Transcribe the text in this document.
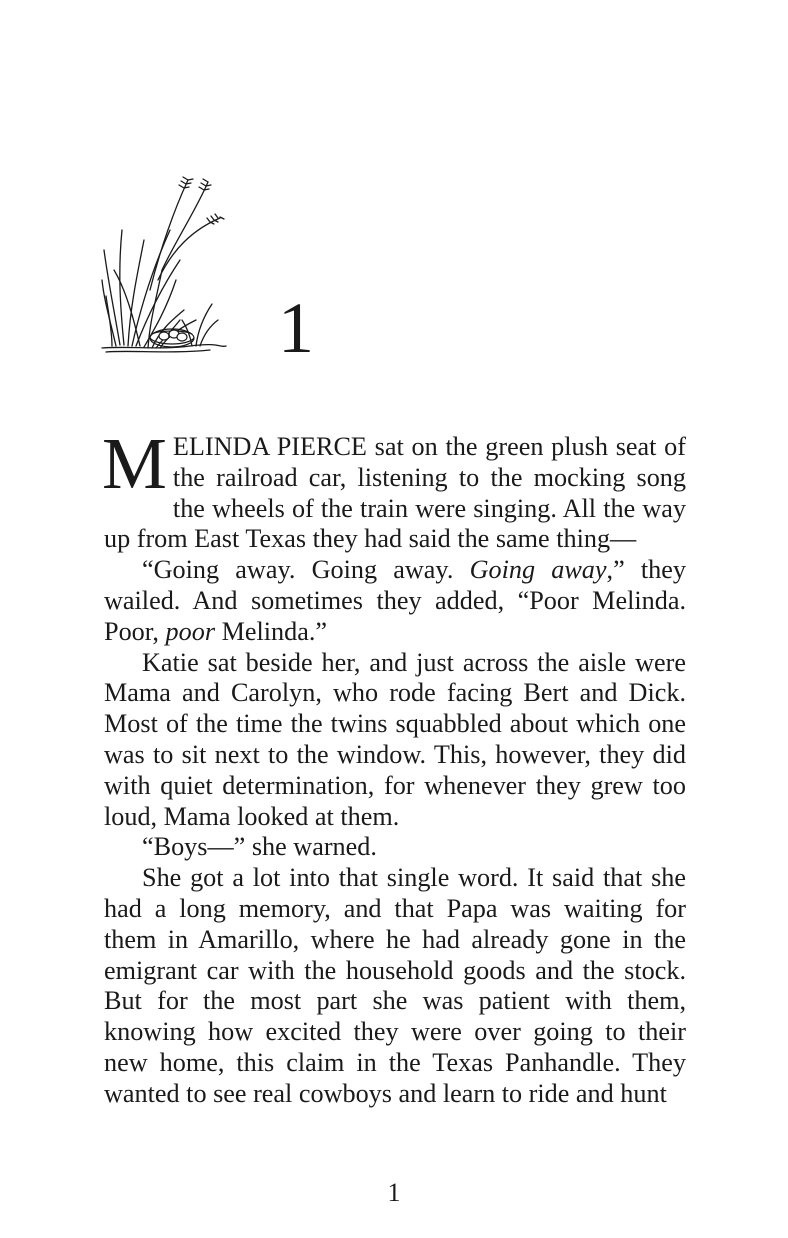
1

MELINDA PIERCE sat on the green plush seat of the railroad car, listening to the mocking song the wheels of the train were singing. All the way up from East Texas they had said the same thing—

“Going away. Going away. Going away,” they wailed. And sometimes they added, “Poor Melinda. Poor, poor Melinda.”

Katie sat beside her, and just across the aisle were Mama and Carolyn, who rode facing Bert and Dick. Most of the time the twins squabbled about which one was to sit next to the window. This, however, they did with quiet determination, for whenever they grew too loud, Mama looked at them.

“Boys—” she warned.

She got a lot into that single word. It said that she had a long memory, and that Papa was waiting for them in Amarillo, where he had already gone in the emigrant car with the household goods and the stock. But for the most part she was patient with them, knowing how excited they were over going to their new home, this claim in the Texas Panhandle. They wanted to see real cowboys and learn to ride and hunt

1
